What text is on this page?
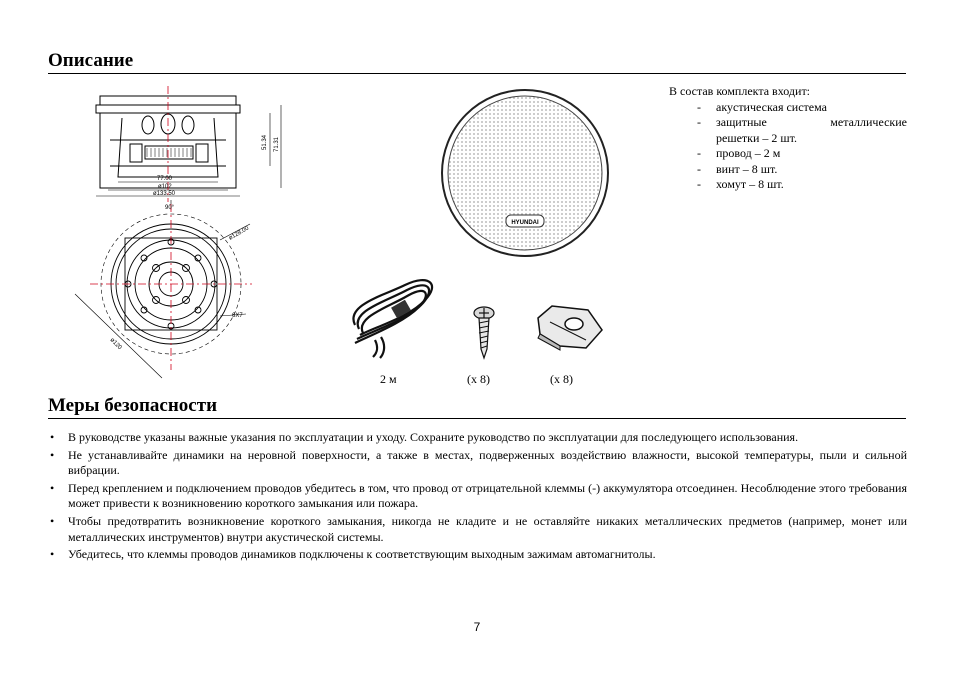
Описание
Меры безопасности
51.34 71.31
77.00
ø102
ø133.50
90°
ø128.00
6X7
ø120
HYUNDAI
2 м	(x 8)	(x 8)
В состав комплекта входит:
-	акустическая система
-	защитные	металлические
решетки – 2 шт.
-	провод – 2 м
-	винт – 8 шт.
-	хомут – 8 шт.
•	В руководстве указаны важные указания по эксплуатации и уходу. Сохраните руководство по эксплуатации для последующего использования.
•	Не устанавливайте динамики на неровной поверхности, а также в местах, подверженных воздействию влажности, высокой температуры, пыли и сильной вибрации.
•	Перед креплением и подключением проводов убедитесь в том, что провод от отрицательной клеммы (-) аккумулятора отсоединен. Несоблюдение этого требования может привести к возникновению короткого замыкания или пожара.
•	Чтобы предотвратить возникновение короткого замыкания, никогда не кладите и не оставляйте никаких металлических предметов (например, монет или металлических инструментов) внутри акустической системы.
•	Убедитесь, что клеммы проводов динамиков подключены к соответствующим выходным зажимам автомагнитолы.
7
